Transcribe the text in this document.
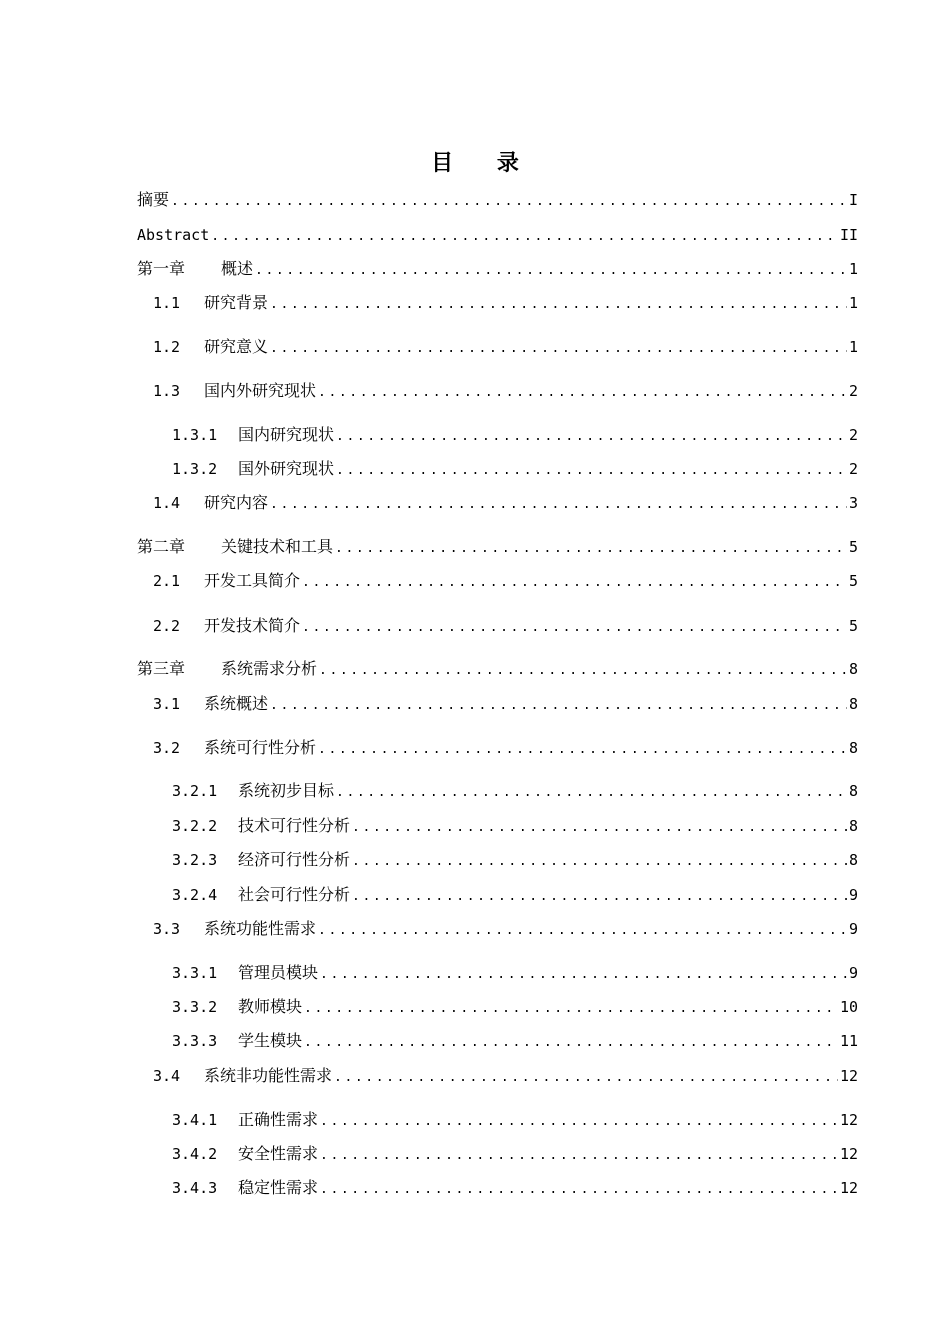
目 录
摘要 .....	I
Abstract .....	II
第一章	概述 .....	1
1.1	研究背景 .....	1
1.2	研究意义 .....	1
1.3	国内外研究现状 .....	2
1.3.1	国内研究现状 .....	2
1.3.2	国外研究现状 .....	2
1.4	研究内容 .....	3
第二章	关键技术和工具 .....	5
2.1	开发工具简介 .....	5
2.2	开发技术简介 .....	5
第三章	系统需求分析 .....	8
3.1	系统概述 .....	8
3.2	系统可行性分析 .....	8
3.2.1	系统初步目标 .....	8
3.2.2	技术可行性分析 .....	8
3.2.3	经济可行性分析 .....	8
3.2.4	社会可行性分析 .....	9
3.3	系统功能性需求 .....	9
3.3.1	管理员模块 .....	9
3.3.2	教师模块 .....	10
3.3.3	学生模块 .....	11
3.4	系统非功能性需求 .....	12
3.4.1	正确性需求 .....	12
3.4.2	安全性需求 .....	12
3.4.3	稳定性需求 .....	12
